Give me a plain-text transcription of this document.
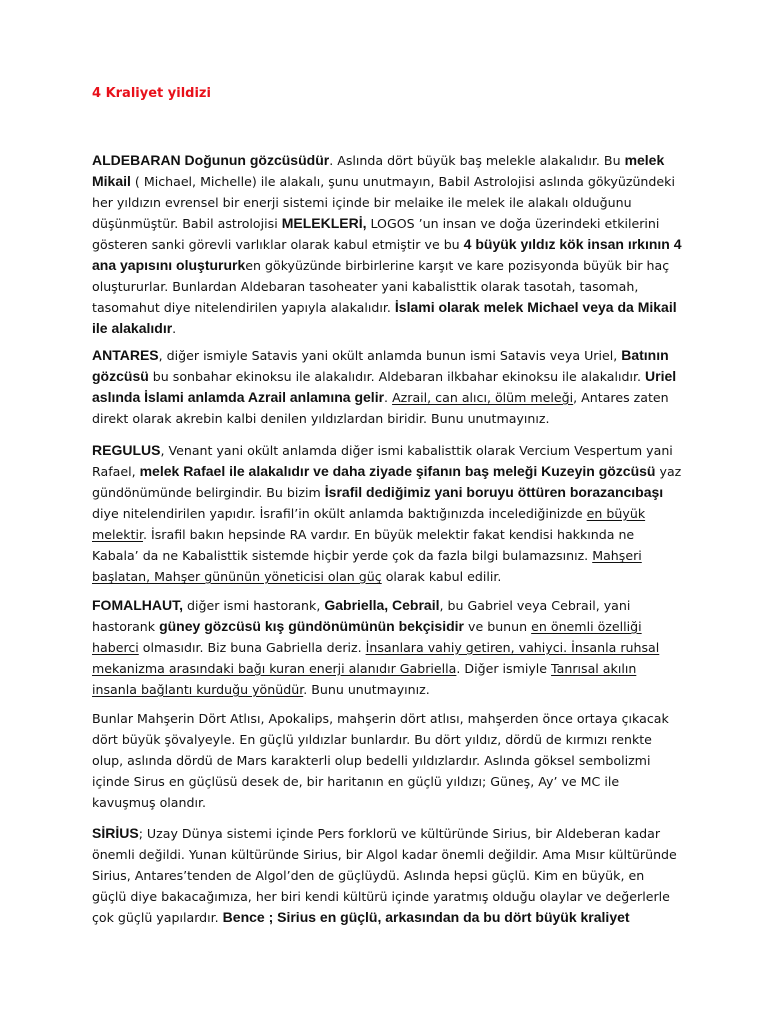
4 Kraliyet yildizi
ALDEBARAN Doğunun gözcüsüdür. Aslında dört büyük baş melekle alakalıdır. Bu melek Mikail ( Michael, Michelle) ile alakalı, şunu unutmayın, Babil Astrolojisi aslında gökyüzündeki her yıldızın evrensel bir enerji sistemi içinde bir melaike ile melek ile alakalı olduğunu düşünmüştür. Babil astrolojisi MELEKLERİ, LOGOS ’un insan ve doğa üzerindeki etkilerini gösteren sanki görevli varlıklar olarak kabul etmiştir ve bu 4 büyük yıldız kök insan ırkının 4 ana yapısını oluştururken gökyüzünde birbirlerine karşıt ve kare pozisyonda büyük bir haç oluştururlar. Bunlardan Aldebaran tasoheater yani kabalisttik olarak tasotah, tasomah, tasomahut diye nitelendirilen yapıyla alakalıdır. İslami olarak melek Michael veya da Mikail ile alakalıdır.
ANTARES, diğer ismiyle Satavis yani okült anlamda bunun ismi Satavis veya Uriel, Batının gözcüsü bu sonbahar ekinoksu ile alakalıdır. Aldebaran ilkbahar ekinoksu ile alakalıdır. Uriel aslında İslami anlamda Azrail anlamına gelir. Azrail, can alıcı, ölüm meleği, Antares zaten direkt olarak akrebin kalbi denilen yıldızlardan biridir. Bunu unutmayınız.
REGULUS, Venant yani okült anlamda diğer ismi kabalisttik olarak Vercium Vespertum yani Rafael, melek Rafael ile alakalıdır ve daha ziyade şifanın baş meleği Kuzeyin gözcüsü yaz gündönümünde belirgindir. Bu bizim İsrafil dediğimiz yani boruyu öttüren borazancıbaşı diye nitelendirilen yapıdır. İsrafil’in okült anlamda baktığınızda incelediğinizde en büyük melektir. İsrafil bakın hepsinde RA vardır. En büyük melektir fakat kendisi hakkında ne Kabala’ da ne Kabalisttik sistemde hiçbir yerde çok da fazla bilgi bulamazsınız. Mahşeri başlatan, Mahşer gününün yöneticisi olan güç olarak kabul edilir.
FOMALHAUT, diğer ismi hastorank, Gabriella, Cebrail, bu Gabriel veya Cebrail, yani hastorank güney gözcüsü kış gündönümünün bekçisidir ve bunun en önemli özelliği haberci olmasıdır. Biz buna Gabriella deriz. İnsanlara vahiy getiren, vahiyci. İnsanla ruhsal mekanizma arasındaki bağı kuran enerji alanıdır Gabriella. Diğer ismiyle Tanrısal akılın insanla bağlantı kurduğu yönüdür. Bunu unutmayınız.
Bunlar Mahşerin Dört Atlısı, Apokalips, mahşerin dört atlısı, mahşerden önce ortaya çıkacak dört büyük şövalyeyle. En güçlü yıldızlar bunlardır. Bu dört yıldız, dördü de kırmızı renkte olup, aslında dördü de Mars karakterli olup bedelli yıldızlardır. Aslında göksel sembolizmi içinde Sirus en güçlüsü desek de, bir haritanın en güçlü yıldızı; Güneş, Ay’ ve MC ile kavuşmuş olandır.
SİRİUS; Uzay Dünya sistemi içinde Pers forklorü ve kültüründe Sirius, bir Aldeberan kadar önemli değildi. Yunan kültüründe Sirius, bir Algol kadar önemli değildir. Ama Mısır kültüründe Sirius, Antares’tenden de Algol’den de güçlüydü. Aslında hepsi güçlü. Kim en büyük, en güçlü diye bakacağımıza, her biri kendi kültürü içinde yaratmış olduğu olaylar ve değerlerle çok güçlü yapılardır. Bence ; Sirius en güçlü, arkasından da bu dört büyük kraliyet
